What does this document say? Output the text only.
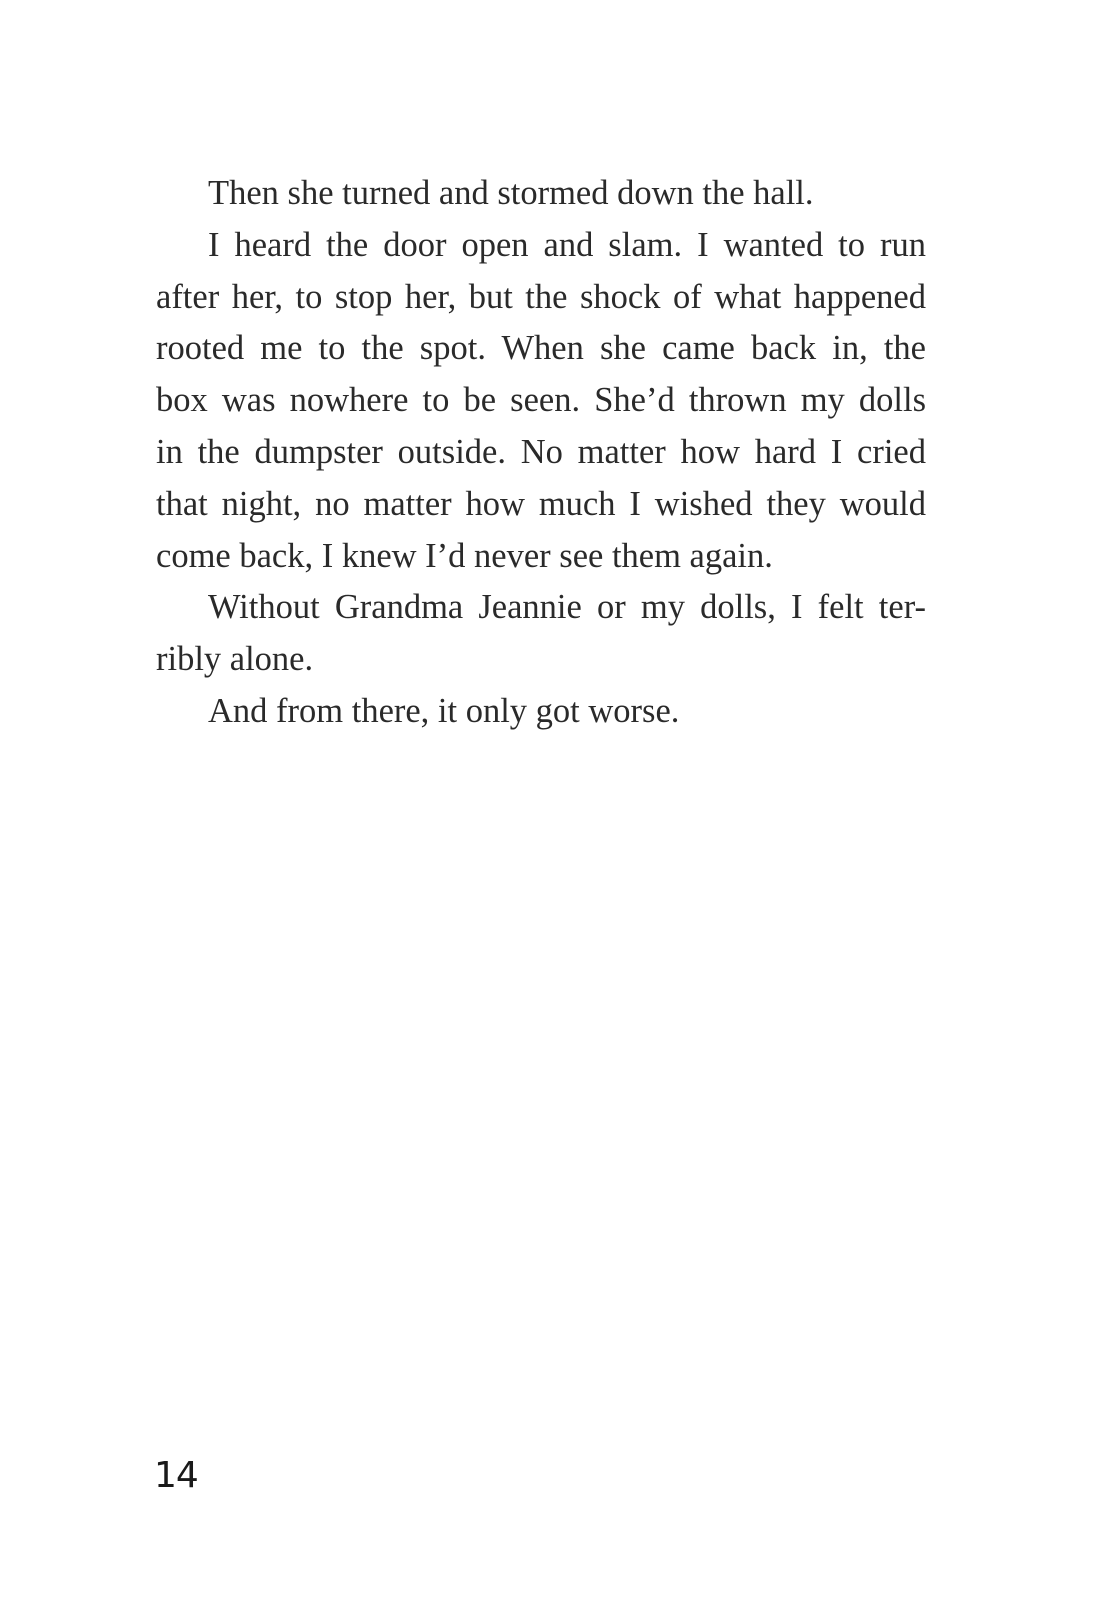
Then she turned and stormed down the hall.
I heard the door open and slam. I wanted to run
after her, to stop her, but the shock of what happened
rooted me to the spot. When she came back in, the
box was nowhere to be seen. She’d thrown my dolls
in the dumpster outside. No matter how hard I cried
that night, no matter how much I wished they would
come back, I knew I’d never see them again.
Without Grandma Jeannie or my dolls, I felt ter-
ribly alone.
And from there, it only got worse.
14
